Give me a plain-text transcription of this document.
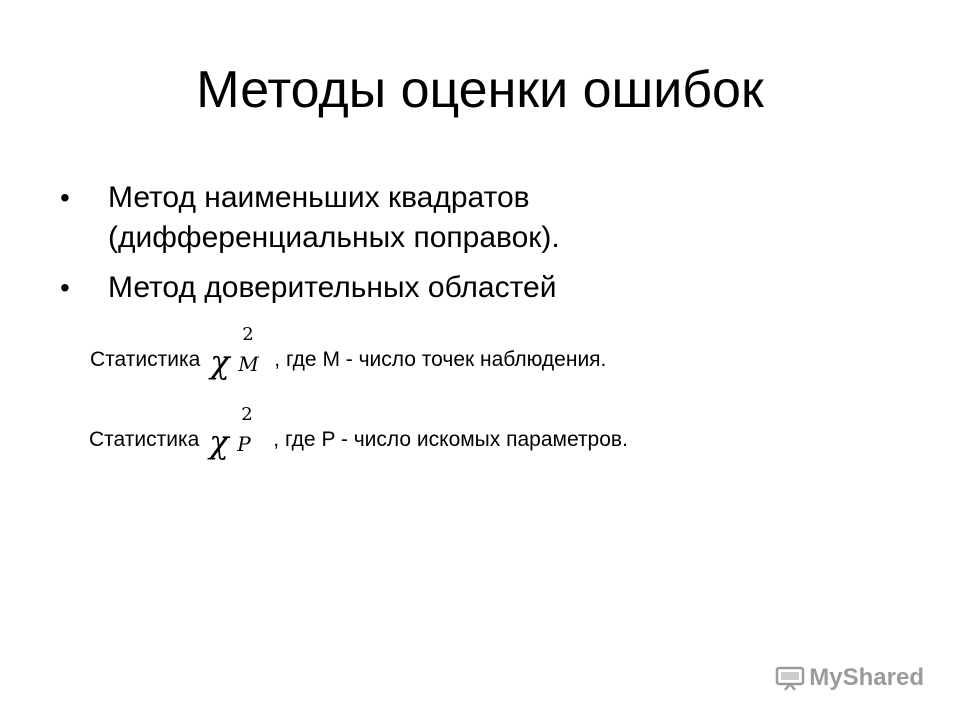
Методы оценки ошибок
•	Метод наименьших квадратов
(дифференциальных поправок).
•	Метод доверительных областей
Статистика χ
2
M , где M - число точек наблюдения.
Статистика χ
2
P , где P - число искомых параметров.
MyShared
